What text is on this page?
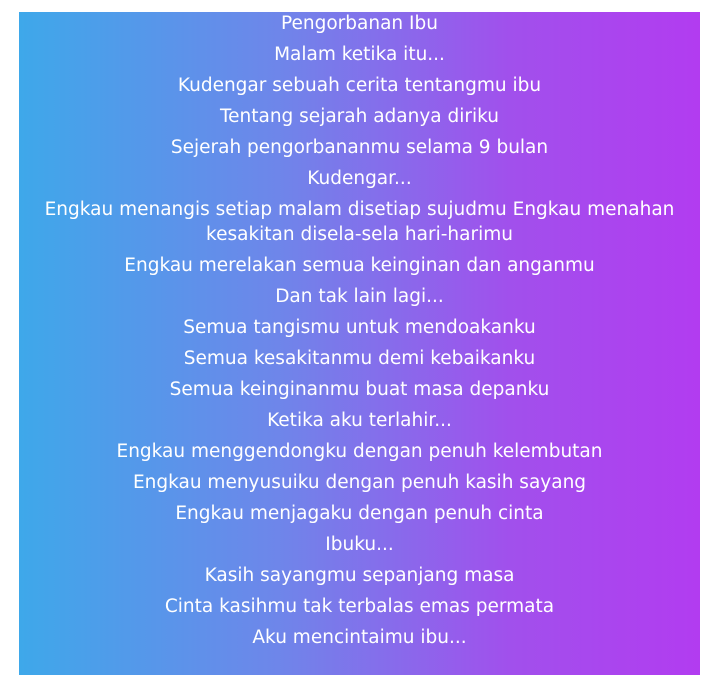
Pengorbanan Ibu
Malam ketika itu...
Kudengar sebuah cerita tentangmu ibu
Tentang sejarah adanya diriku
Sejerah pengorbananmu selama 9 bulan
Kudengar...
Engkau menangis setiap malam disetiap sujudmu Engkau menahan kesakitan disela-sela hari-harimu
Engkau merelakan semua keinginan dan anganmu
Dan tak lain lagi...
Semua tangismu untuk mendoakanku
Semua kesakitanmu demi kebaikanku
Semua keinginanmu buat masa depanku
Ketika aku terlahir...
Engkau menggendongku dengan penuh kelembutan
Engkau menyusuiku dengan penuh kasih sayang
Engkau menjagaku dengan penuh cinta
Ibuku...
Kasih sayangmu sepanjang masa
Cinta kasihmu tak terbalas emas permata
Aku mencintaimu ibu...
